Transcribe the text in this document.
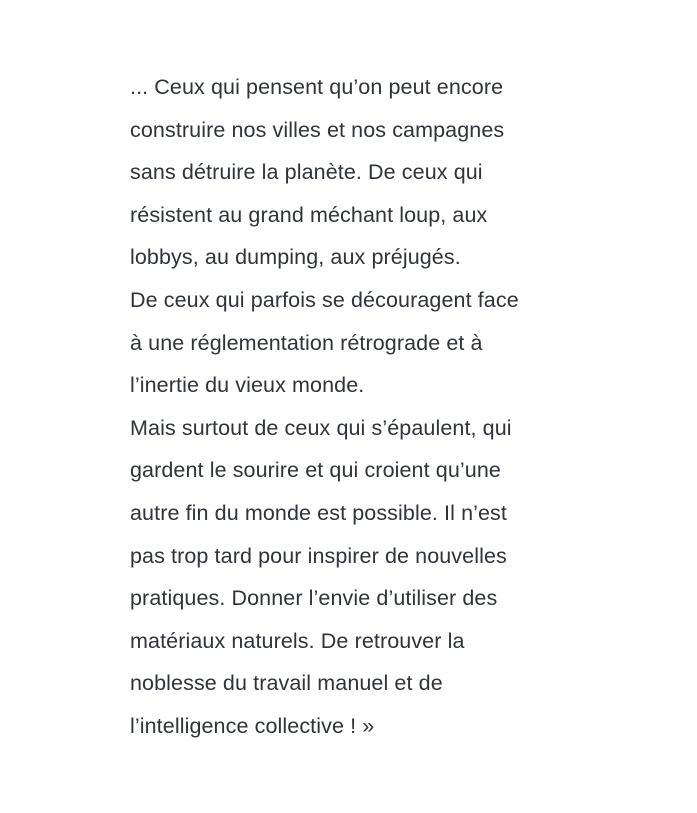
... Ceux qui pensent qu’on peut encore
construire nos villes et nos campagnes
sans détruire la planète. De ceux qui
résistent au grand méchant loup, aux
lobbys, au dumping, aux préjugés.
De ceux qui parfois se découragent face
à une réglementation rétrograde et à
l’inertie du vieux monde.
Mais surtout de ceux qui s’épaulent, qui
gardent le sourire et qui croient qu’une
autre fin du monde est possible. Il n’est
pas trop tard pour inspirer de nouvelles
pratiques. Donner l’envie d’utiliser des
matériaux naturels. De retrouver la
noblesse du travail manuel et de
l’intelligence collective ! »
